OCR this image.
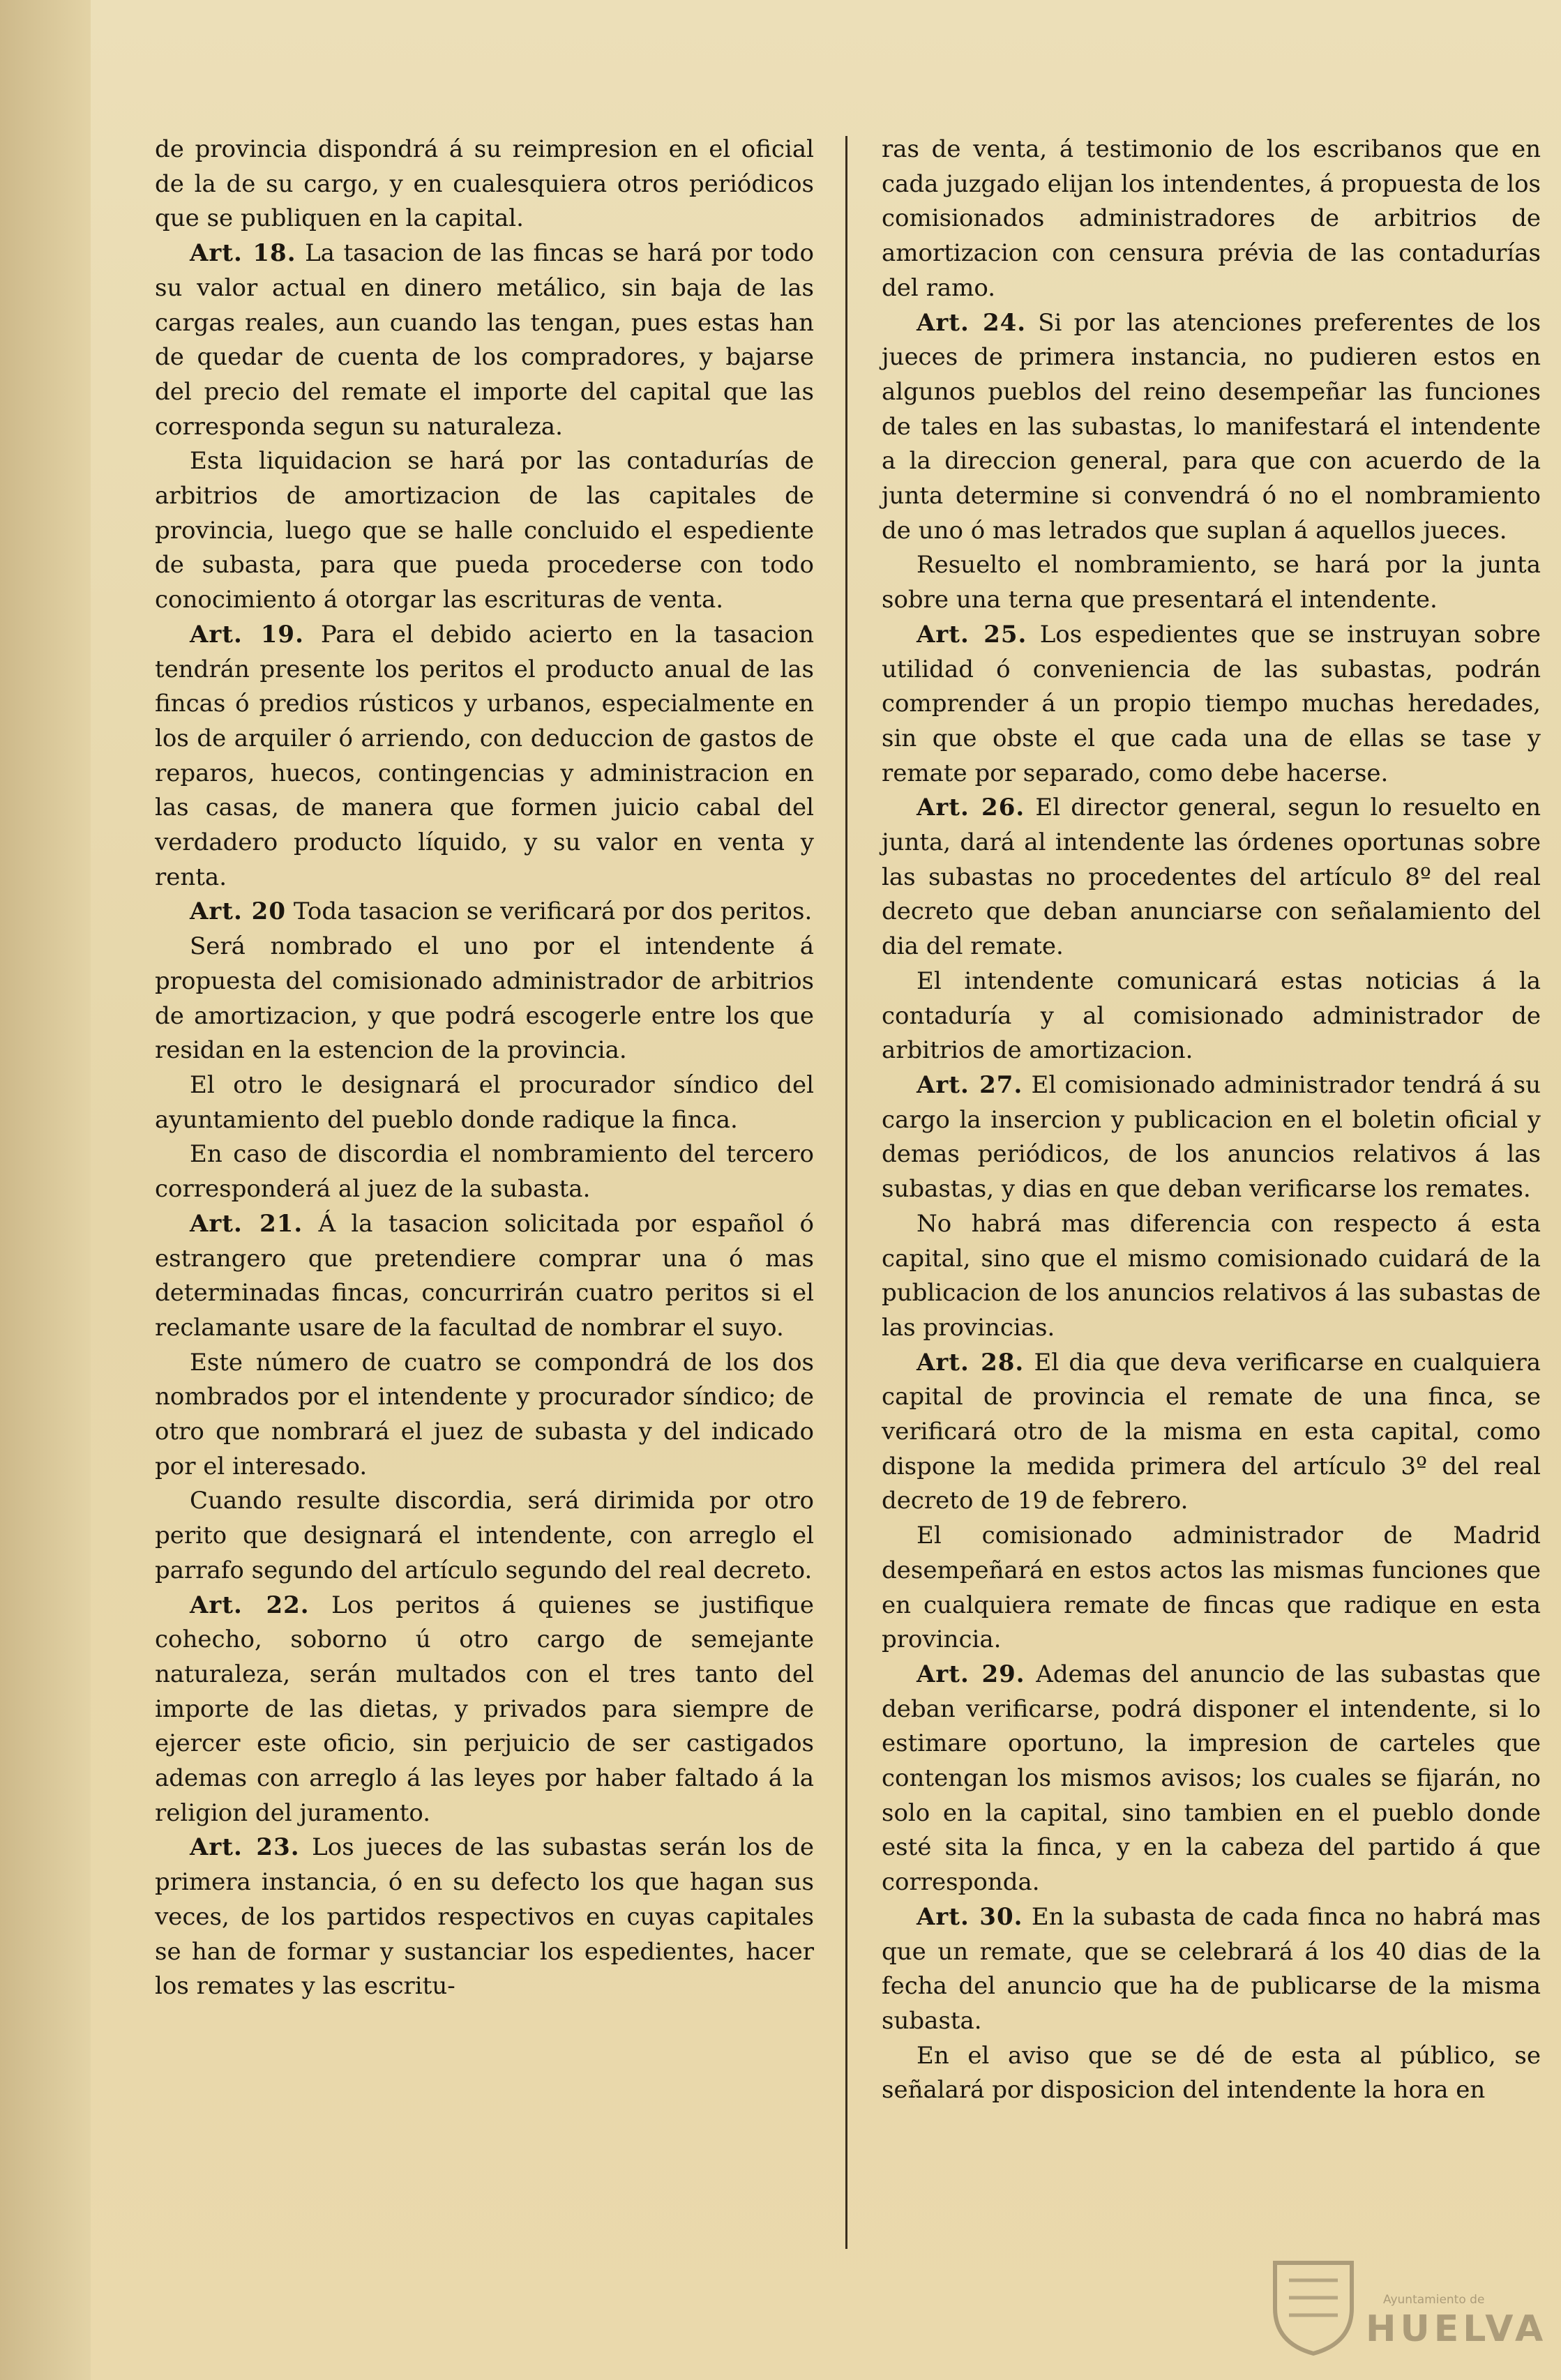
de provincia dispondrá á su reimpresion en el oficial de la de su cargo, y en cualesquiera otros periódicos que se publiquen en la capital.

Art. 18. La tasacion de las fincas se hará por todo su valor actual en dinero metálico, sin baja de las cargas reales, aun cuando las tengan, pues estas han de quedar de cuenta de los compradores, y bajarse del precio del remate el importe del capital que las corresponda segun su naturaleza.

Esta liquidacion se hará por las contadurías de arbitrios de amortizacion de las capitales de provincia, luego que se halle concluido el espediente de subasta, para que pueda procederse con todo conocimiento á otorgar las escrituras de venta.

Art. 19. Para el debido acierto en la tasacion tendrán presente los peritos el producto anual de las fincas ó predios rústicos y urbanos, especialmente en los de arquiler ó arriendo, con deduccion de gastos de reparos, huecos, contingencias y administracion en las casas, de manera que formen juicio cabal del verdadero producto líquido, y su valor en venta y renta.

Art. 20 Toda tasacion se verificará por dos peritos.

Será nombrado el uno por el intendente á propuesta del comisionado administrador de arbitrios de amortizacion, y que podrá escogerle entre los que residan en la estencion de la provincia.

El otro le designará el procurador síndico del ayuntamiento del pueblo donde radique la finca.

En caso de discordia el nombramiento del tercero corresponderá al juez de la subasta.

Art. 21. Á la tasacion solicitada por español ó estrangero que pretendiere comprar una ó mas determinadas fincas, concurrirán cuatro peritos si el reclamante usare de la facultad de nombrar el suyo.

Este número de cuatro se compondrá de los dos nombrados por el intendente y procurador síndico; de otro que nombrará el juez de subasta y del indicado por el interesado.

Cuando resulte discordia, será dirimida por otro perito que designará el intendente, con arreglo el parrafo segundo del artículo segundo del real decreto.

Art. 22. Los peritos á quienes se justifique cohecho, soborno ú otro cargo de semejante naturaleza, serán multados con el tres tanto del importe de las dietas, y privados para siempre de ejercer este oficio, sin perjuicio de ser castigados ademas con arreglo á las leyes por haber faltado á la religion del juramento.

Art. 23. Los jueces de las subastas serán los de primera instancia, ó en su defecto los que hagan sus veces, de los partidos respectivos en cuyas capitales se han de formar y sustanciar los espedientes, hacer los remates y las escritu-

ras de venta, á testimonio de los escribanos que en cada juzgado elijan los intendentes, á propuesta de los comisionados administradores de arbitrios de amortizacion con censura prévia de las contadurías del ramo.

Art. 24. Si por las atenciones preferentes de los jueces de primera instancia, no pudieren estos en algunos pueblos del reino desempeñar las funciones de tales en las subastas, lo manifestará el intendente a la direccion general, para que con acuerdo de la junta determine si convendrá ó no el nombramiento de uno ó mas letrados que suplan á aquellos jueces.

Resuelto el nombramiento, se hará por la junta sobre una terna que presentará el intendente.

Art. 25. Los espedientes que se instruyan sobre utilidad ó conveniencia de las subastas, podrán comprender á un propio tiempo muchas heredades, sin que obste el que cada una de ellas se tase y remate por separado, como debe hacerse.

Art. 26. El director general, segun lo resuelto en junta, dará al intendente las órdenes oportunas sobre las subastas no procedentes del artículo 8º del real decreto que deban anunciarse con señalamiento del dia del remate.

El intendente comunicará estas noticias á la contaduría y al comisionado administrador de arbitrios de amortizacion.

Art. 27. El comisionado administrador tendrá á su cargo la insercion y publicacion en el boletin oficial y demas periódicos, de los anuncios relativos á las subastas, y dias en que deban verificarse los remates.

No habrá mas diferencia con respecto á esta capital, sino que el mismo comisionado cuidará de la publicacion de los anuncios relativos á las subastas de las provincias.

Art. 28. El dia que deva verificarse en cualquiera capital de provincia el remate de una finca, se verificará otro de la misma en esta capital, como dispone la medida primera del artículo 3º del real decreto de 19 de febrero.

El comisionado administrador de Madrid desempeñará en estos actos las mismas funciones que en cualquiera remate de fincas que radique en esta provincia.

Art. 29. Ademas del anuncio de las subastas que deban verificarse, podrá disponer el intendente, si lo estimare oportuno, la impresion de carteles que contengan los mismos avisos; los cuales se fijarán, no solo en la capital, sino tambien en el pueblo donde esté sita la finca, y en la cabeza del partido á que corresponda.

Art. 30. En la subasta de cada finca no habrá mas que un remate, que se celebrará á los 40 dias de la fecha del anuncio que ha de publicarse de la misma subasta.

En el aviso que se dé de esta al público, se señalará por disposicion del intendente la hora en

Ayuntamiento de
HUELVA
